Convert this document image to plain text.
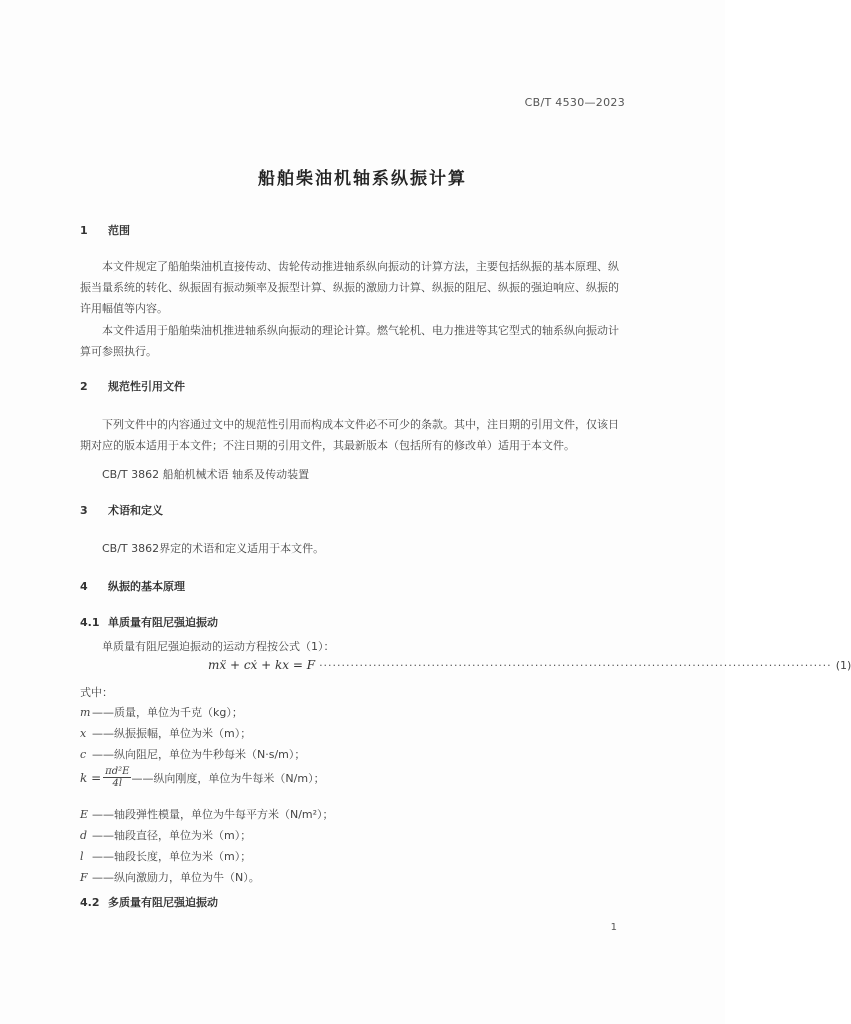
CB/T 4530—2023
船舶柴油机轴系纵振计算
1 范围
本文件规定了船舶柴油机直接传动、齿轮传动推进轴系纵向振动的计算方法，主要包括纵振的基本原理、纵振当量系统的转化、纵振固有振动频率及振型计算、纵振的激励力计算、纵振的阻尼、纵振的强迫响应、纵振的许用幅值等内容。
本文件适用于船舶柴油机推进轴系纵向振动的理论计算。燃气轮机、电力推进等其它型式的轴系纵向振动计算可参照执行。
2 规范性引用文件
下列文件中的内容通过文中的规范性引用而构成本文件必不可少的条款。其中，注日期的引用文件，仅该日期对应的版本适用于本文件；不注日期的引用文件，其最新版本（包括所有的修改单）适用于本文件。
CB/T 3862 船舶机械术语 轴系及传动装置
3 术语和定义
CB/T 3862界定的术语和定义适用于本文件。
4 纵振的基本原理
4.1 单质量有阻尼强迫振动
单质量有阻尼强迫振动的运动方程按公式（1）：
mẍ + cẋ + kx = F ·················································································································· (1)
式中：
m ——质量，单位为千克（kg）；
x ——纵振振幅，单位为米（m）；
c ——纵向阻尼，单位为牛秒每米（N·s/m）；
$k = \frac{\text{πd²E}}{4l}$ ——纵向刚度，单位为牛每米（N/m）；
E ——轴段弹性模量，单位为牛每平方米（N/m²）；
d ——轴段直径，单位为米（m）；
l ——轴段长度，单位为米（m）；
F ——纵向激励力，单位为牛（N）。
4.2 多质量有阻尼强迫振动
1
